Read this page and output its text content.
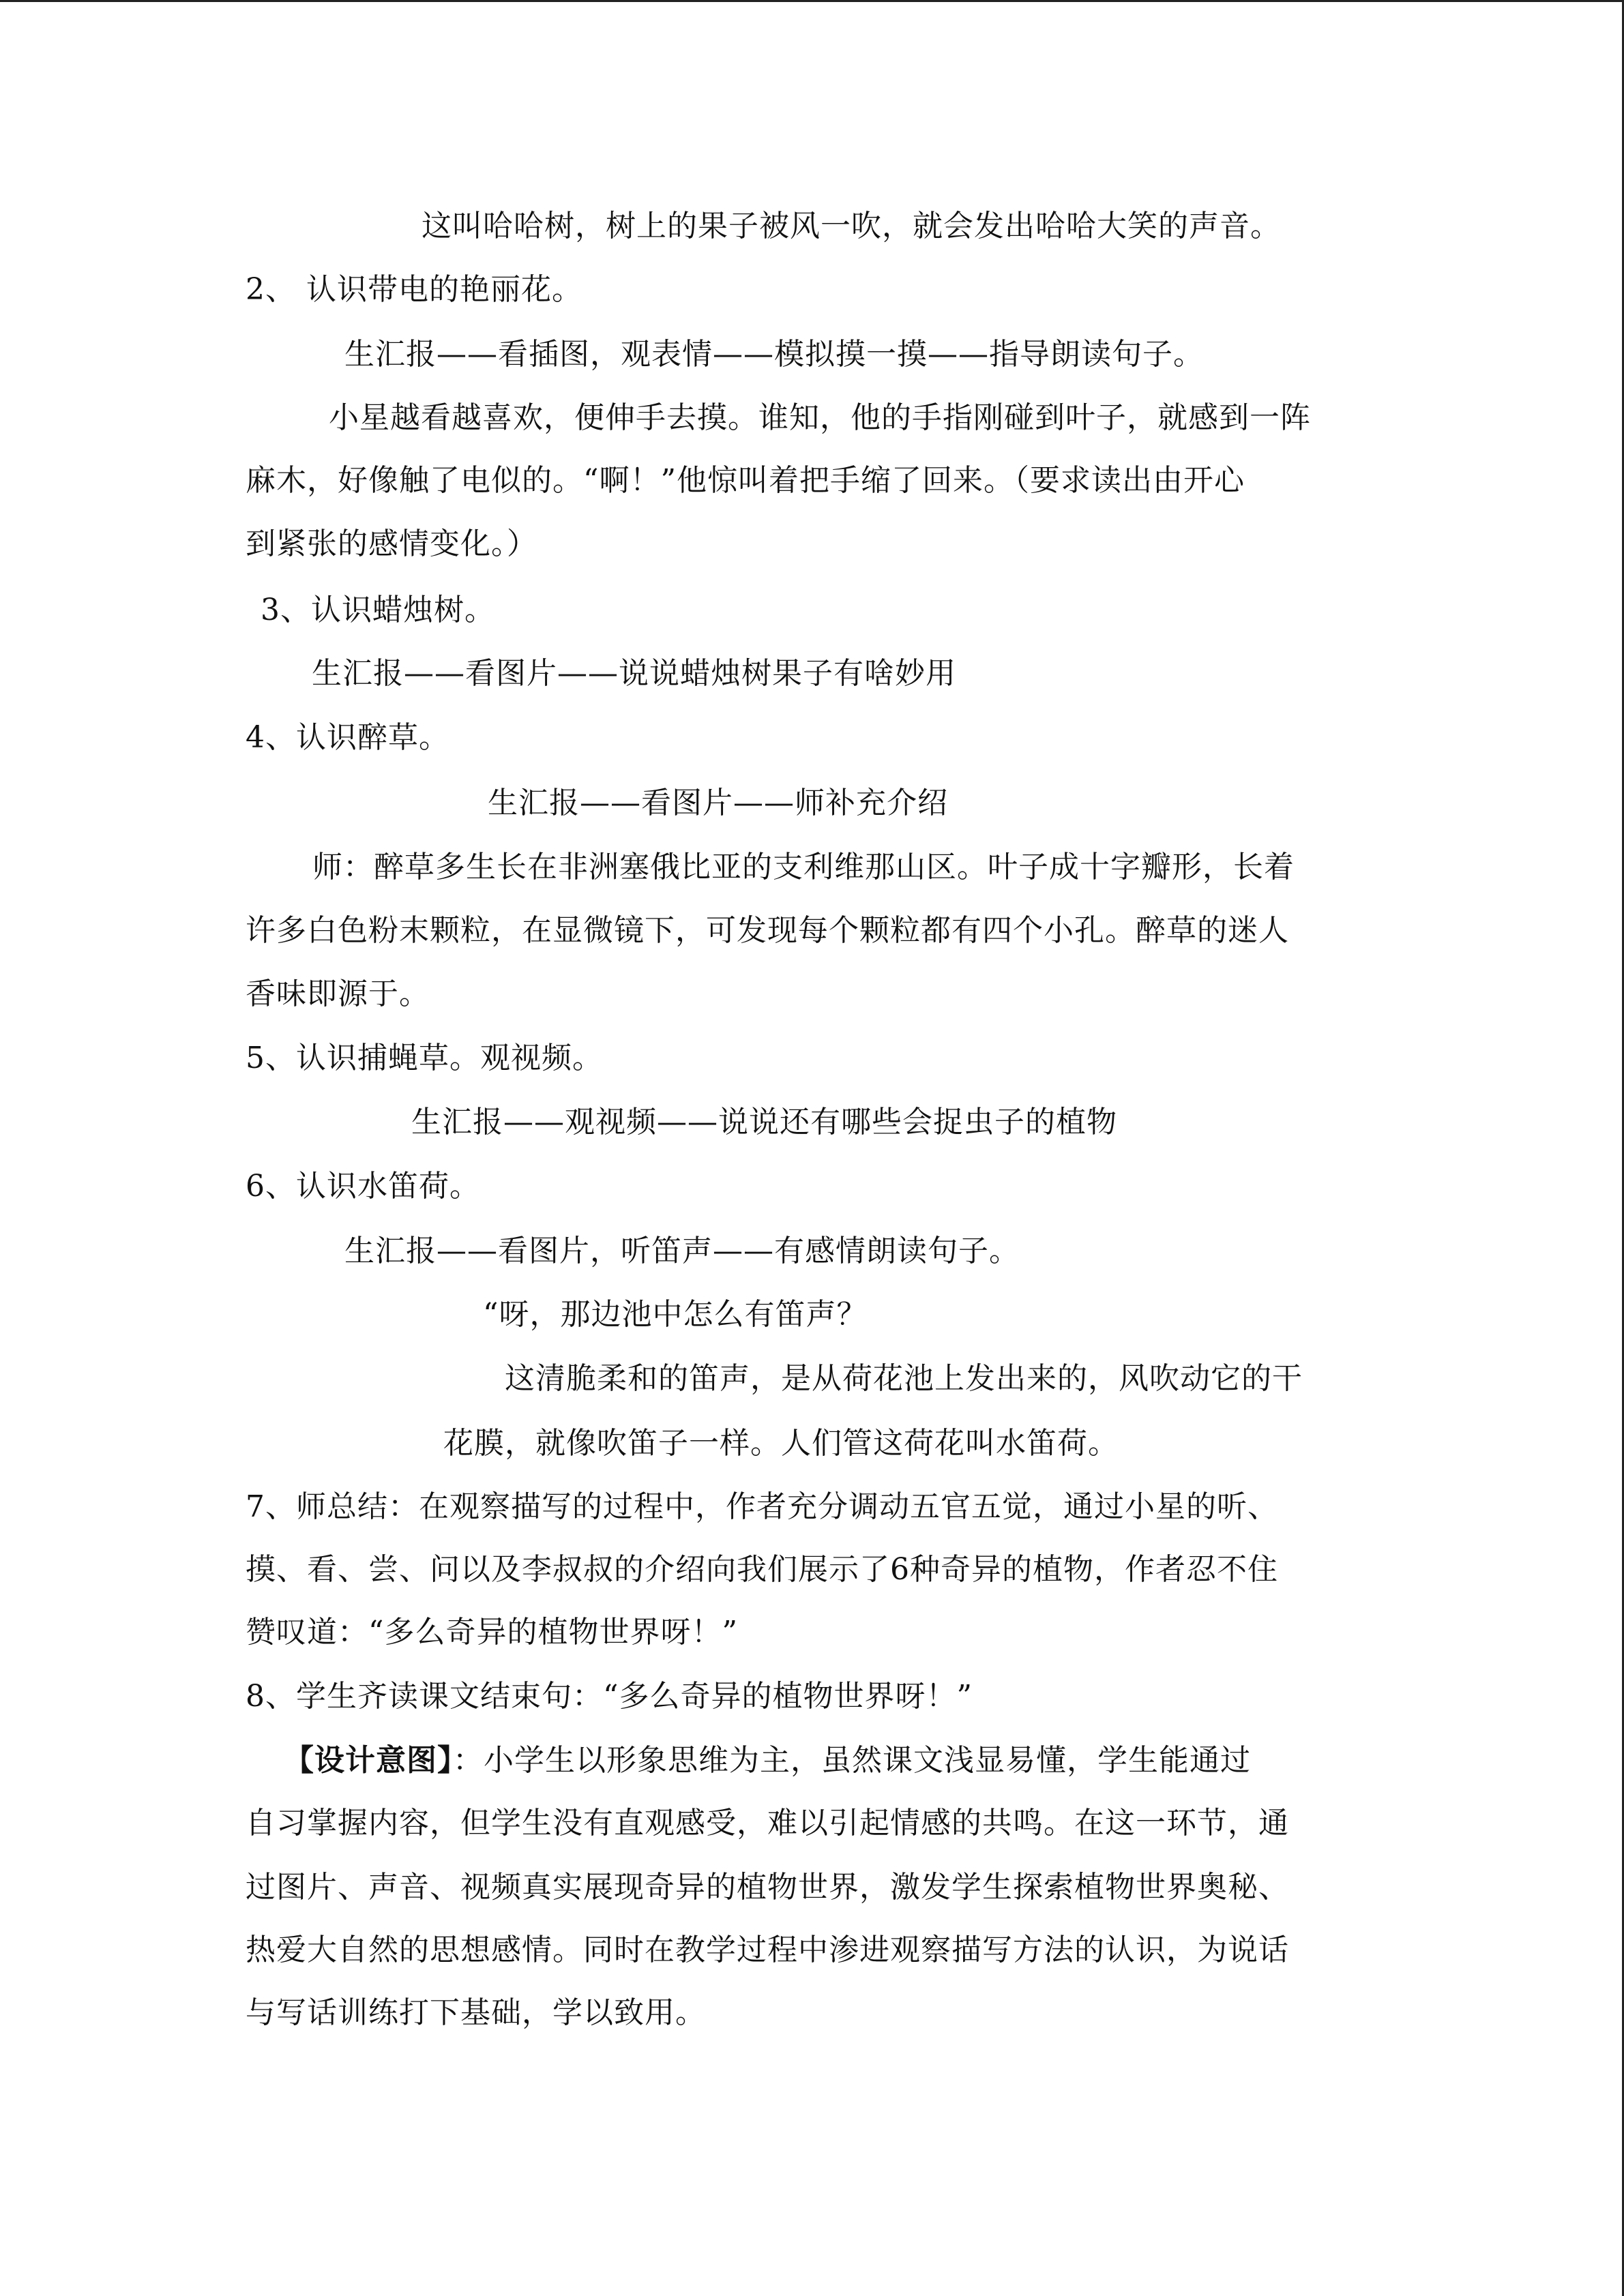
这叫哈哈树，树上的果子被风一吹，就会发出哈哈大笑的声音。
2、 认识带电的艳丽花。
生汇报——看插图，观表情——模拟摸一摸——指导朗读句子。
小星越看越喜欢，便伸手去摸。谁知，他的手指刚碰到叶子，就感到一阵
麻木，好像触了电似的。“啊！”他惊叫着把手缩了回来。（要求读出由开心
到紧张的感情变化。）
3、认识蜡烛树。
生汇报——看图片——说说蜡烛树果子有啥妙用
4、认识醉草。
生汇报——看图片——师补充介绍
师：醉草多生长在非洲塞俄比亚的支利维那山区。叶子成十字瓣形，长着
许多白色粉末颗粒，在显微镜下，可发现每个颗粒都有四个小孔。醉草的迷人
香味即源于。
5、认识捕蝇草。观视频。
生汇报——观视频——说说还有哪些会捉虫子的植物
6、认识水笛荷。
生汇报——看图片，听笛声——有感情朗读句子。
“呀，那边池中怎么有笛声？
这清脆柔和的笛声，是从荷花池上发出来的，风吹动它的干
花膜，就像吹笛子一样。人们管这荷花叫水笛荷。
7、师总结：在观察描写的过程中，作者充分调动五官五觉，通过小星的听、
摸、看、尝、问以及李叔叔的介绍向我们展示了6种奇异的植物，作者忍不住
赞叹道：“多么奇异的植物世界呀！”
8、学生齐读课文结束句：“多么奇异的植物世界呀！”
【设计意图】：小学生以形象思维为主，虽然课文浅显易懂，学生能通过
自习掌握内容，但学生没有直观感受，难以引起情感的共鸣。在这一环节，通
过图片、声音、视频真实展现奇异的植物世界，激发学生探索植物世界奥秘、
热爱大自然的思想感情。同时在教学过程中渗进观察描写方法的认识，为说话
与写话训练打下基础，学以致用。
